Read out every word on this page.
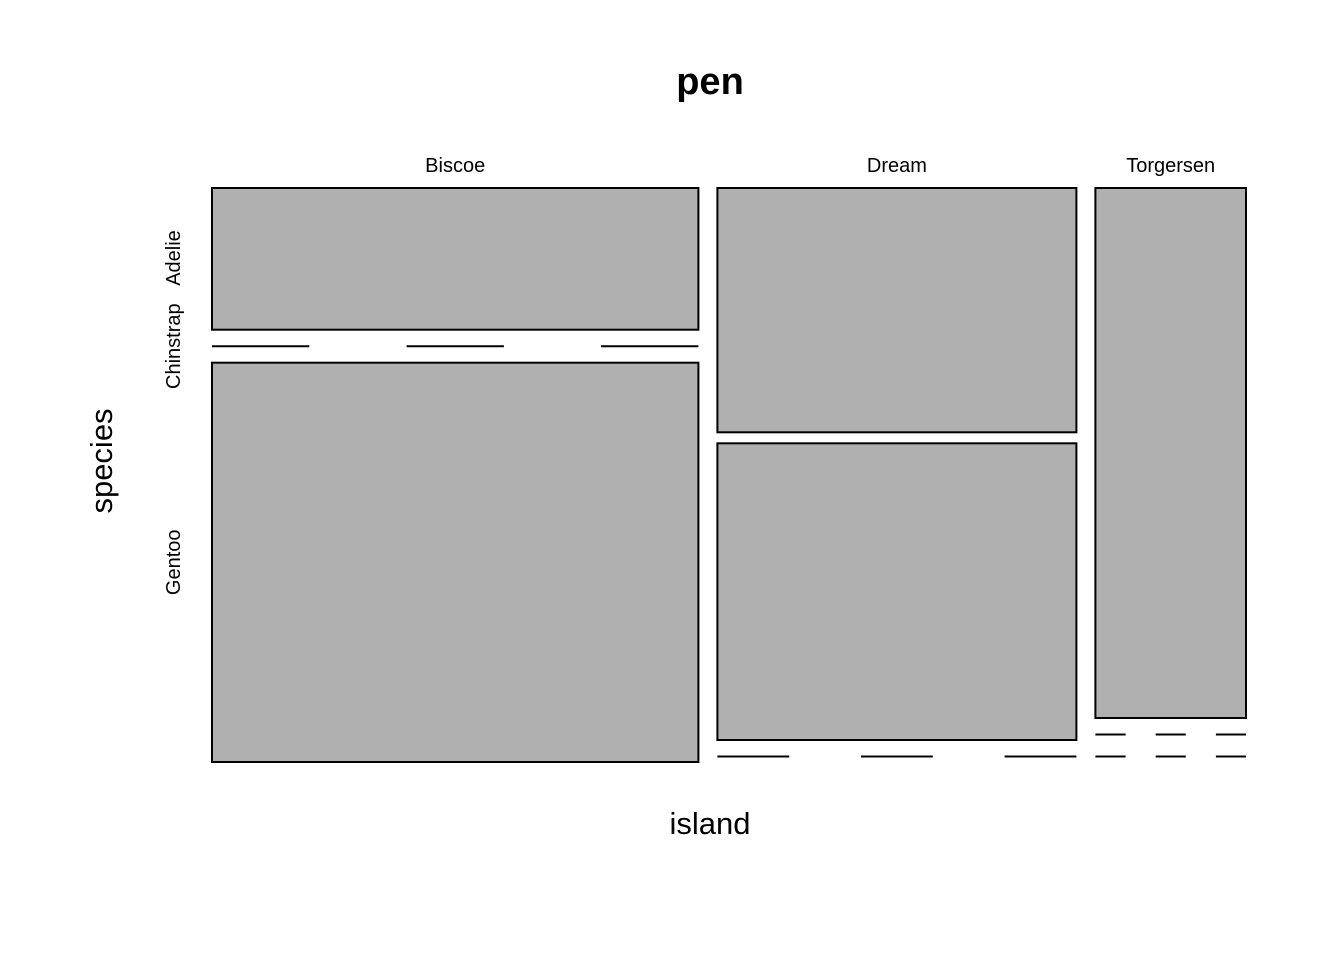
pen
island
species
Biscoe	Dream	Torgersen
Adelie
Chinstrap
Gentoo
